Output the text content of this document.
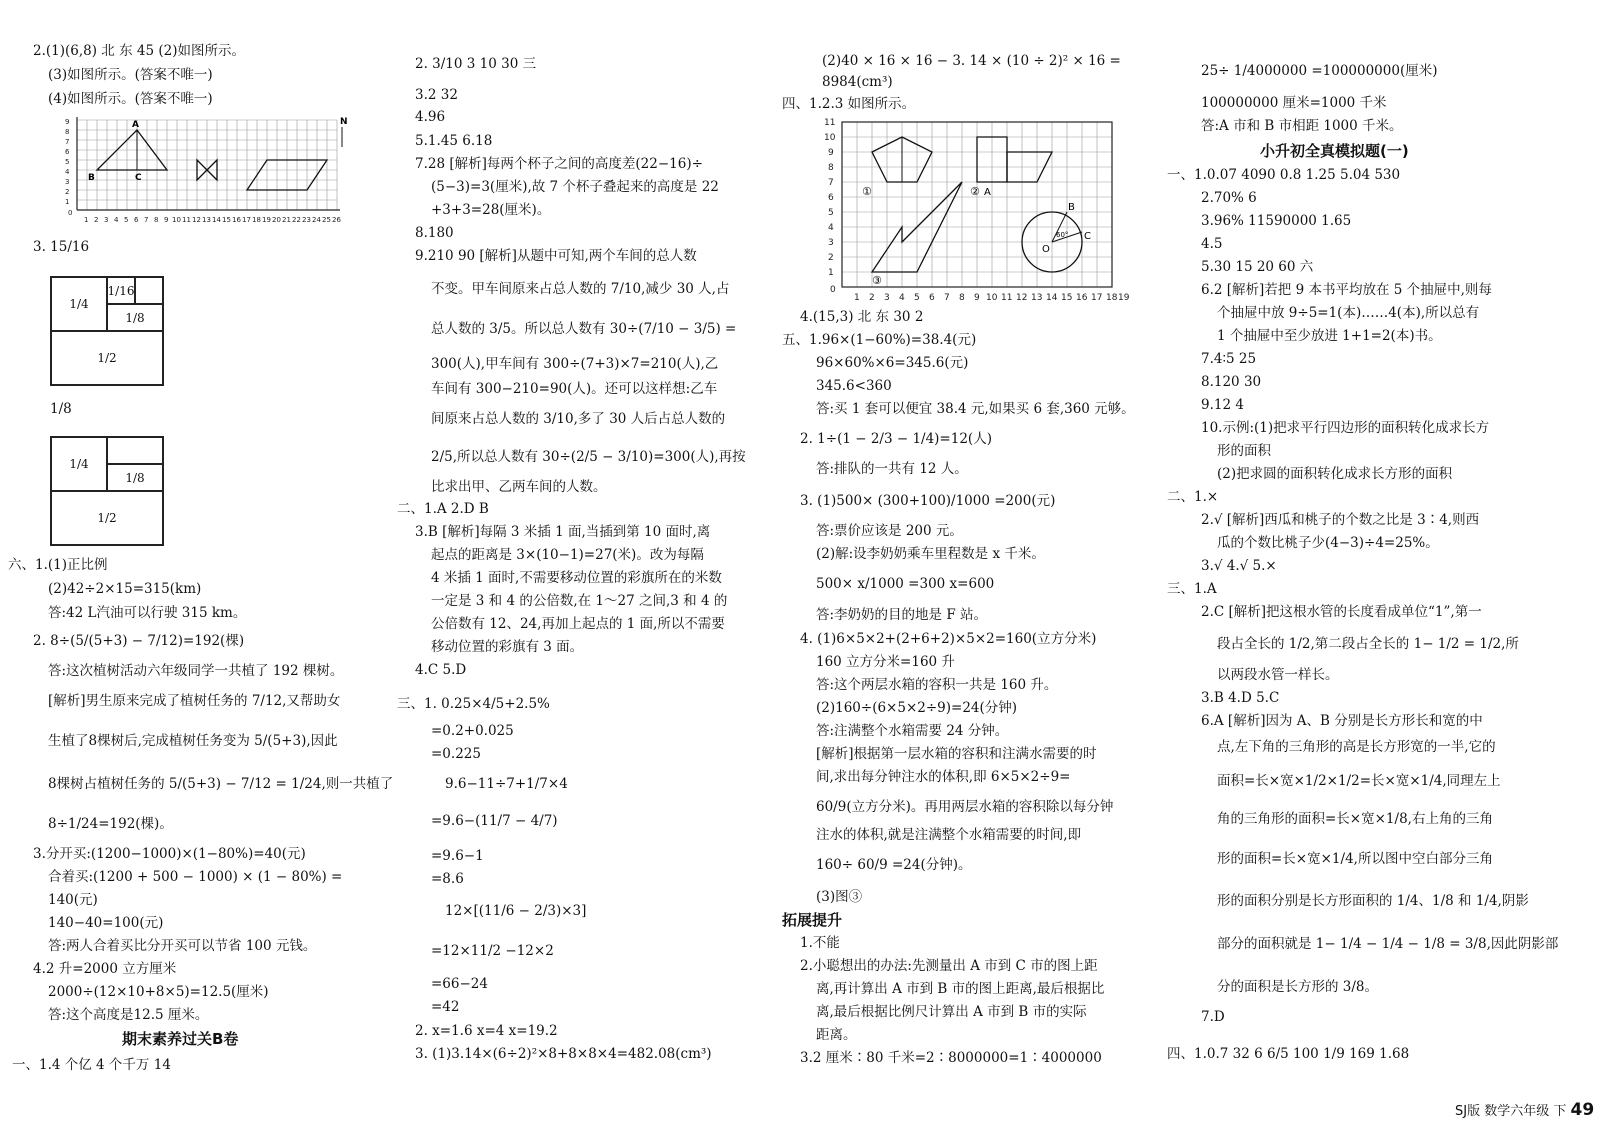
2.(1)(6,8) 北 东 45 (2)如图所示。
(3)如图所示。(答案不唯一)
(4)如图所示。(答案不唯一)
9
8
7
6
5
4
3
2
1
0
1 2 3 4 5 6 7 8 9 10 11 12 13 14 15 16 17 18 19 20 21 22 23 24 25 26
A
B	C
N
3. 15/16
1/4
1/16
1/8
1/2
1/8
1/4
1/8
1/2
六、1.(1)正比例
(2)42÷2×15=315(km)
答:42 L汽油可以行驶 315 km。
2. 8÷(5/(5+3) − 7/12)=192(棵)
答:这次植树活动六年级同学一共植了 192 棵树。
[解析]男生原来完成了植树任务的 7/12,又帮助女
生植了8棵树后,完成植树任务变为 5/(5+3),因此
8棵树占植树任务的 5/(5+3) − 7/12 = 1/24,则一共植了
8÷1/24=192(棵)。
3.分开买:(1200−1000)×(1−80%)=40(元)
合着买:(1200 + 500 − 1000) × (1 − 80%) =
140(元)
140−40=100(元)
答:两人合着买比分开买可以节省 100 元钱。
4.2 升=2000 立方厘米
2000÷(12×10+8×5)=12.5(厘米)
答:这个高度是12.5 厘米。
期末素养过关B卷
一、1.4 个亿 4 个千万 14
2. 3/10 3 10 30 三
3.2 32
4.96
5.1.45 6.18
7.28 [解析]每两个杯子之间的高度差(22−16)÷
(5−3)=3(厘米),故 7 个杯子叠起来的高度是 22
+3+3=28(厘米)。
8.180
9.210 90 [解析]从题中可知,两个车间的总人数
不变。甲车间原来占总人数的 7/10,减少 30 人,占
总人数的 3/5。所以总人数有 30÷(7/10 − 3/5) =
300(人),甲车间有 300÷(7+3)×7=210(人),乙
车间有 300−210=90(人)。还可以这样想:乙车
间原来占总人数的 3/10,多了 30 人后占总人数的
2/5,所以总人数有 30÷(2/5 − 3/10)=300(人),再按
比求出甲、乙两车间的人数。
二、1.A 2.D B
3.B [解析]每隔 3 米插 1 面,当插到第 10 面时,离
起点的距离是 3×(10−1)=27(米)。改为每隔
4 米插 1 面时,不需要移动位置的彩旗所在的米数
一定是 3 和 4 的公倍数,在 1～27 之间,3 和 4 的
公倍数有 12、24,再加上起点的 1 面,所以不需要
移动位置的彩旗有 3 面。
4.C 5.D
三、1. 0.25×4/5+2.5%
=0.2+0.025
=0.225
9.6−11÷7+1/7×4
=9.6−(11/7 − 4/7)
=9.6−1
=8.6
12×[(11/6 − 2/3)×3]
=12×11/2 −12×2
=66−24
=42
2. x=1.6 x=4 x=19.2
3. (1)3.14×(6÷2)²×8+8×8×4=482.08(cm³)
(2)40 × 16 × 16 − 3. 14 × (10 ÷ 2)² × 16 =
8984(cm³)
四、1.2.3 如图所示。
11
10
9
8
7
6
5
4
3
2
1
0
1 2 3 4 5 6 7 8 9 10 11 12 13 14 15 16 17 18 19
①	② A
③
B
C
O
60°
4.(15,3) 北 东 30 2
五、1.96×(1−60%)=38.4(元)
96×60%×6=345.6(元)
345.6<360
答:买 1 套可以便宜 38.4 元,如果买 6 套,360 元够。
2. 1÷(1 − 2/3 − 1/4)=12(人)
答:排队的一共有 12 人。
3. (1)500× (300+100)/1000 =200(元)
答:票价应该是 200 元。
(2)解:设李奶奶乘车里程数是 x 千米。
500× x/1000 =300 x=600
答:李奶奶的目的地是 F 站。
4. (1)6×5×2+(2+6+2)×5×2=160(立方分米)
160 立方分米=160 升
答:这个两层水箱的容积一共是 160 升。
(2)160÷(6×5×2÷9)=24(分钟)
答:注满整个水箱需要 24 分钟。
[解析]根据第一层水箱的容积和注满水需要的时
间,求出每分钟注水的体积,即 6×5×2÷9=
60/9(立方分米)。再用两层水箱的容积除以每分钟
注水的体积,就是注满整个水箱需要的时间,即
160÷ 60/9 =24(分钟)。
(3)图③
拓展提升
1.不能
2.小聪想出的办法:先测量出 A 市到 C 市的图上距
离,再计算出 A 市到 B 市的图上距离,最后根据比
离,最后根据比例尺计算出 A 市到 B 市的实际
距离。
3.2 厘米∶80 千米=2∶8000000=1∶4000000
25÷ 1/4000000 =100000000(厘米)
100000000 厘米=1000 千米
答:A 市和 B 市相距 1000 千米。
小升初全真模拟题(一)
一、1.0.07 4090 0.8 1.25 5.04 530
2.70% 6
3.96% 11590000 1.65
4.5
5.30 15 20 60 六
6.2 [解析]若把 9 本书平均放在 5 个抽屉中,则每
个抽屉中放 9÷5=1(本)……4(本),所以总有
1 个抽屉中至少放进 1+1=2(本)书。
7.4∶5 25
8.120 30
9.12 4
10.示例:(1)把求平行四边形的面积转化成求长方
形的面积
(2)把求圆的面积转化成求长方形的面积
二、1.×
2.√ [解析]西瓜和桃子的个数之比是 3∶4,则西
瓜的个数比桃子少(4−3)÷4=25%。
3.√ 4.√ 5.×
三、1.A
2.C [解析]把这根水管的长度看成单位“1”,第一
段占全长的 1/2,第二段占全长的 1− 1/2 = 1/2,所
以两段水管一样长。
3.B 4.D 5.C
6.A [解析]因为 A、B 分别是长方形长和宽的中
点,左下角的三角形的高是长方形宽的一半,它的
面积=长×宽×1/2×1/2=长×宽×1/4,同理左上
角的三角形的面积=长×宽×1/8,右上角的三角
形的面积=长×宽×1/4,所以图中空白部分三角
形的面积分别是长方形面积的 1/4、1/8 和 1/4,阴影
部分的面积就是 1− 1/4 − 1/4 − 1/8 = 3/8,因此阴影部
分的面积是长方形的 3/8。
7.D
四、1.0.7 32 6 6/5 100 1/9 169 1.68
SJ版 数学六年级 下 49
